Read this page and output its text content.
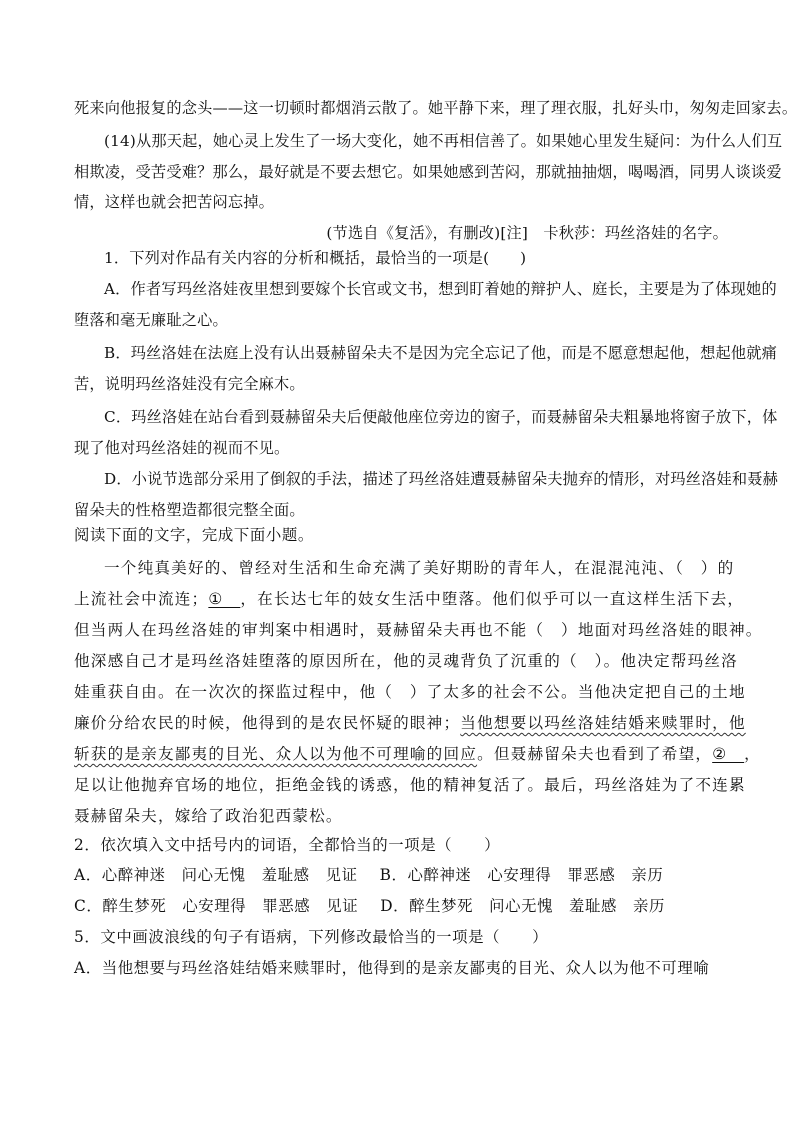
死来向他报复的念头——这一切顿时都烟消云散了。她平静下来，理了理衣服，扎好头巾，匆匆走回家去。
(14)从那天起，她心灵上发生了一场大变化，她不再相信善了。如果她心里发生疑问：为什么人们互
相欺凌，受苦受难？那么，最好就是不要去想它。如果她感到苦闷，那就抽抽烟，喝喝酒，同男人谈谈爱
情，这样也就会把苦闷忘掉。
(节选自《复活》，有删改)[注]　卡秋莎：玛丝洛娃的名字。
1．下列对作品有关内容的分析和概括，最恰当的一项是(　　)
A．作者写玛丝洛娃夜里想到要嫁个长官或文书，想到盯着她的辩护人、庭长，主要是为了体现她的
堕落和毫无廉耻之心。
B．玛丝洛娃在法庭上没有认出聂赫留朵夫不是因为完全忘记了他，而是不愿意想起他，想起他就痛
苦，说明玛丝洛娃没有完全麻木。
C．玛丝洛娃在站台看到聂赫留朵夫后便敲他座位旁边的窗子，而聂赫留朵夫粗暴地将窗子放下，体
现了他对玛丝洛娃的视而不见。
D．小说节选部分采用了倒叙的手法，描述了玛丝洛娃遭聂赫留朵夫抛弃的情形，对玛丝洛娃和聂赫
留朵夫的性格塑造都很完整全面。
阅读下面的文字，完成下面小题。
一个纯真美好的、曾经对生活和生命充满了美好期盼的青年人，在混混沌沌、（　）的
上流社会中流连；①　，在长达七年的妓女生活中堕落。他们似乎可以一直这样生活下去，
但当两人在玛丝洛娃的审判案中相遇时，聂赫留朵夫再也不能（　）地面对玛丝洛娃的眼神。
他深感自己才是玛丝洛娃堕落的原因所在，他的灵魂背负了沉重的（　）。他决定帮玛丝洛
娃重获自由。在一次次的探监过程中，他（　）了太多的社会不公。当他决定把自己的土地
廉价分给农民的时候，他得到的是农民怀疑的眼神；当他想要以玛丝洛娃结婚来赎罪时，他
斩获的是亲友鄙夷的目光、众人以为他不可理喻的回应。但聂赫留朵夫也看到了希望，②　，
足以让他抛弃官场的地位，拒绝金钱的诱惑，他的精神复活了。最后，玛丝洛娃为了不连累
聂赫留朵夫，嫁给了政治犯西蒙松。
2．依次填入文中括号内的词语，全都恰当的一项是（　　）
A．心醉神迷　问心无愧　羞耻感　见证 B．心醉神迷　心安理得　罪恶感　亲历
C．醉生梦死　心安理得　罪恶感　见证 D．醉生梦死　问心无愧　羞耻感　亲历
5．文中画波浪线的句子有语病，下列修改最恰当的一项是（　　）
A．当他想要与玛丝洛娃结婚来赎罪时，他得到的是亲友鄙夷的目光、众人以为他不可理喻
